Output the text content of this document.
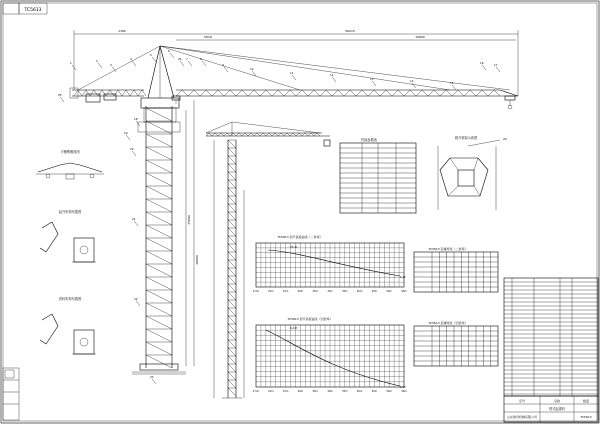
TC5613
1180
5616
56015
10800
37800
40000
1	2
3
4
5
6
7	8
9
10
11	12
13	14	15
16	17
18
19
20
21
22
23
24
25
平衡臂侧视图
起升机构布置图
回转机构布置图
性能参数表	爬升套架示意图	20
TC5613 起升高度曲线（二倍率）
25,2t
1.3t
2.5m	10m	15m	20m	25m	30m	35m	40m	45m	50m	56m
TC5613 起升高度曲线（四倍率）
6,22t
1.3t
2.5m	10m	15m	20m	25m	30m	35m	40m	45m	50m	56m
TC5613 起重特性（二倍率）
TC5613 起重特性（四倍率）
序号	名称	数量
塔式起重机
山东建设机械有限公司	TC5613
